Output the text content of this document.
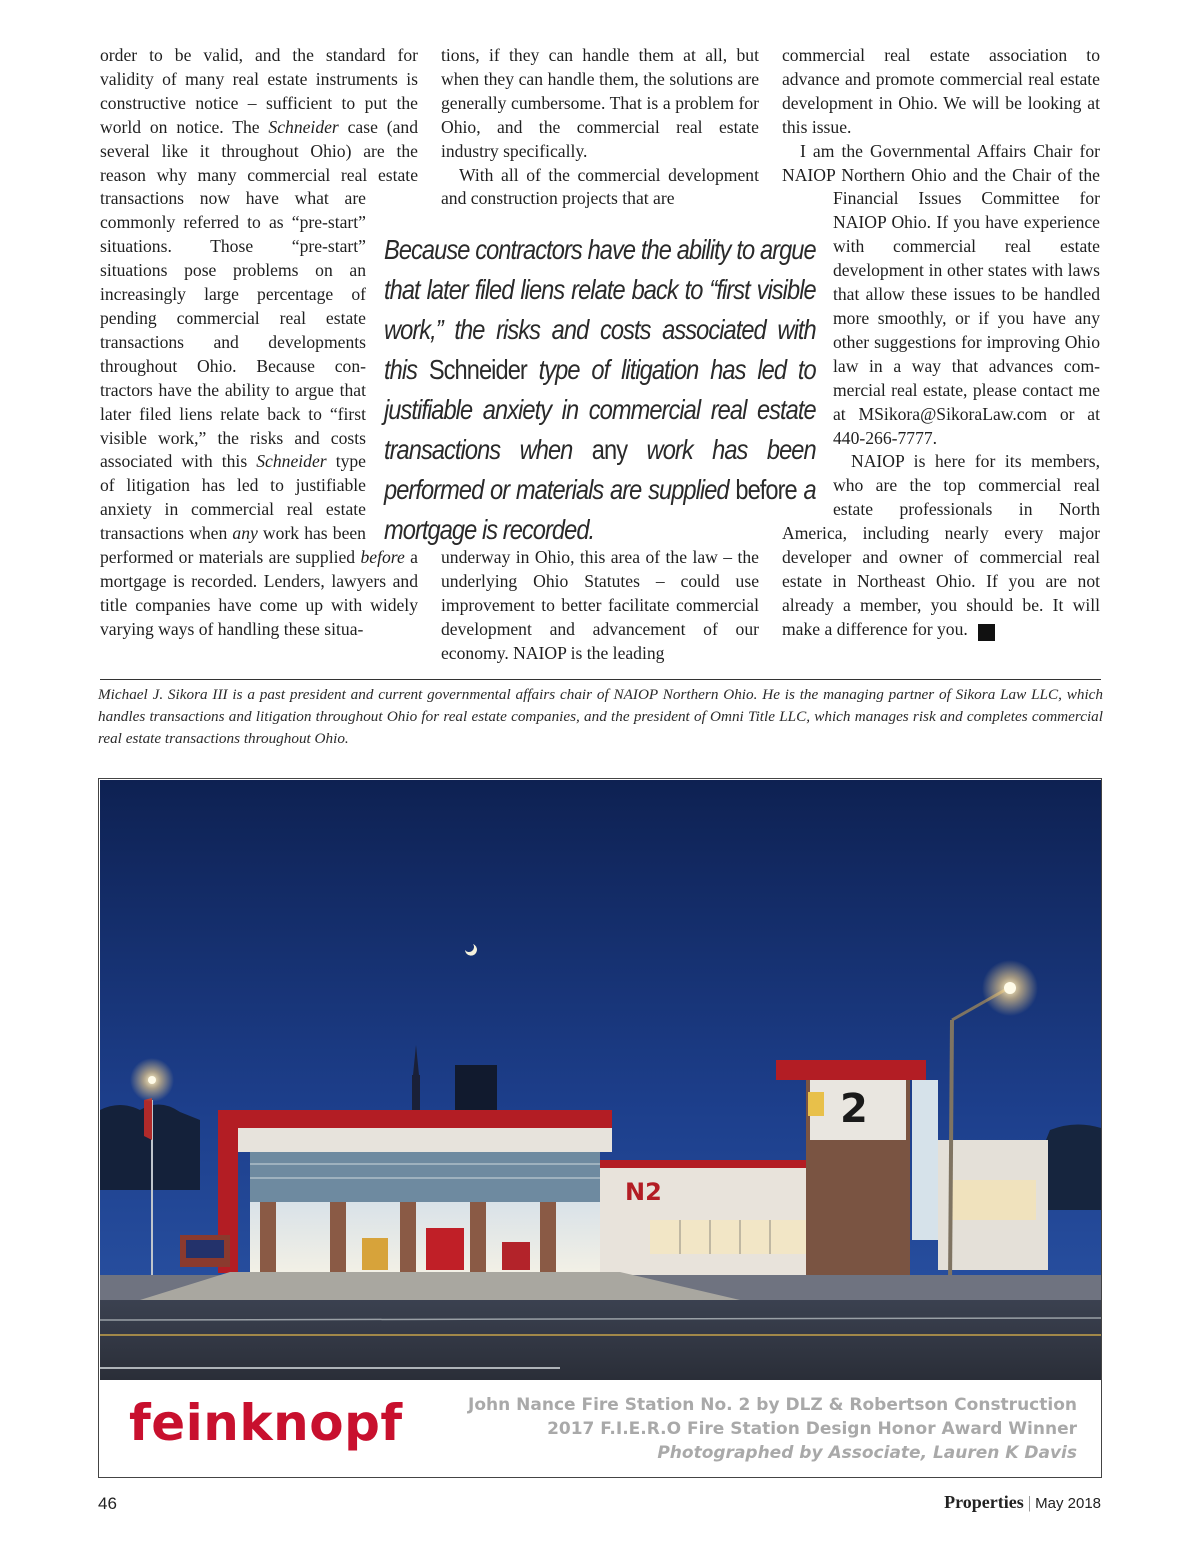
order to be valid, and the standard for validity of many real estate instruments is constructive notice – sufficient to put the world on notice. The Schneider case (and several like it throughout Ohio) are the reason why many commercial real estate transactions now have what are commonly referred to as “pre-start” situations. Those “pre-start” situations pose problems on an increasingly large percentage of pending commercial real estate transactions and developments throughout Ohio. Because contractors have the ability to argue that later filed liens relate back to “first visible work,” the risks and costs associated with this Schneider type of litigation has led to justifiable anxiety in commercial real estate transactions when any work has been performed or materials are supplied before a mortgage is recorded. Lenders, lawyers and title companies have come up with widely varying ways of handling these situa-

tions, if they can handle them at all, but when they can handle them, the solutions are generally cumbersome. That is a problem for Ohio, and the commercial real estate industry specifically.

With all of the commercial development and construction projects that are

underway in Ohio, this area of the law – the underlying Ohio Statutes – could use improvement to better facilitate commercial development and advancement of our economy. NAIOP is the leading

commercial real estate association to advance and promote commercial real estate development in Ohio. We will be looking at this issue.

I am the Governmental Affairs Chair for NAIOP Northern Ohio and the Chair of the Financial Issues Committee for NAIOP Ohio. If you have experience with commercial real estate development in other states with laws that allow these issues to be handled more smoothly, or if you have any other suggestions for improving Ohio law in a way that advances commercial real estate, please contact me at MSikora@SikoraLaw.com or at 440-266-7777.

NAIOP is here for its members, who are the top commercial real estate professionals in North America, including nearly every major developer and owner of commercial real estate in Northeast Ohio. If you are not already a member, you should be. It will make a difference for you. P

Because contractors have the ability to argue that later filed liens relate back to “first visible work,” the risks and costs associated with this Schneider type of litigation has led to justifiable anxiety in commercial real estate transactions when any work has been performed or materials are supplied before a mortgage is recorded.
Michael J. Sikora III is a past president and current governmental affairs chair of NAIOP Northern Ohio. He is the managing partner of Sikora Law LLC, which handles transactions and litigation throughout Ohio for real estate companies, and the president of Omni Title LLC, which manages risk and completes commercial real estate transactions throughout Ohio.
N2
2
feinknopf	John Nance Fire Station No. 2 by DLZ & Robertson Construction
2017 F.I.E.R.O Fire Station Design Honor Award Winner
Photographed by Associate, Lauren K Davis
46	Properties | May 2018
